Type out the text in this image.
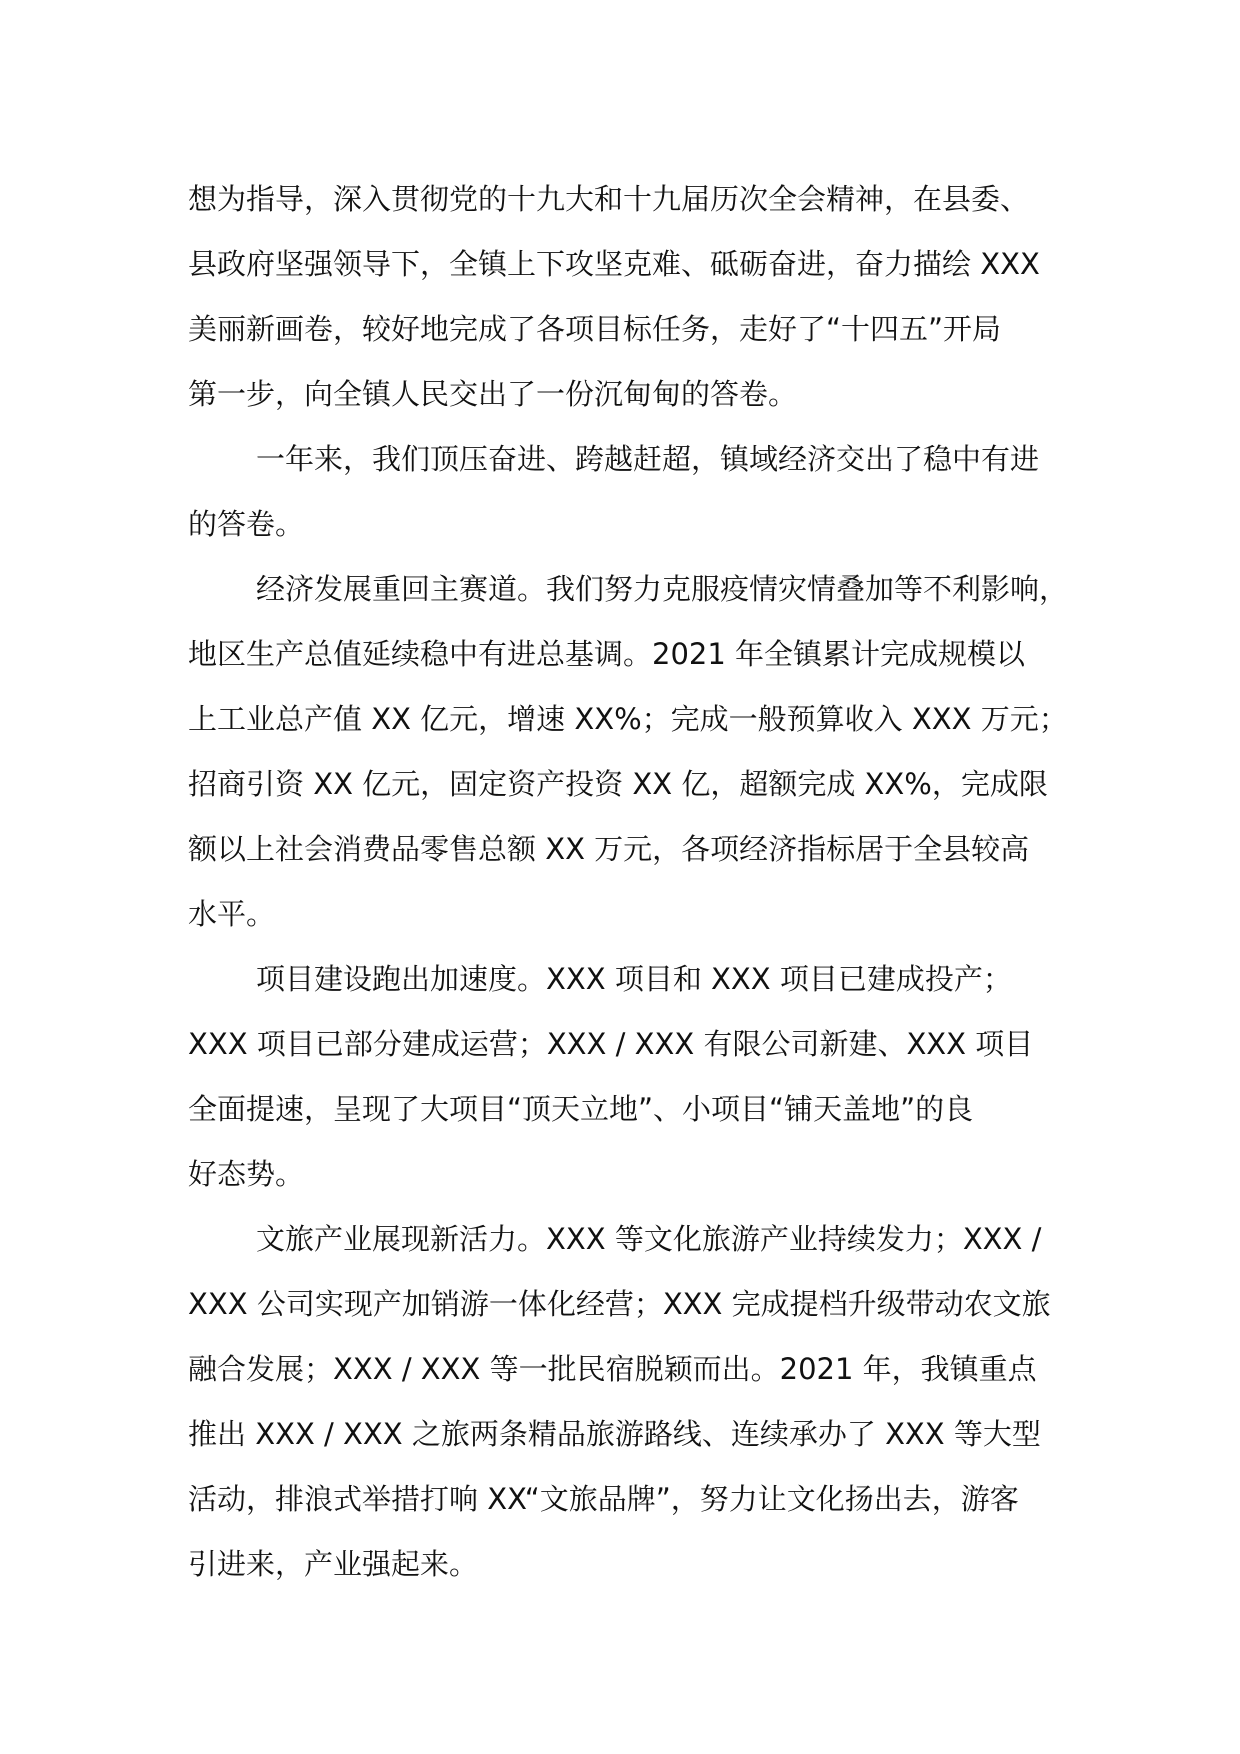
想为指导，深入贯彻党的十九大和十九届历次全会精神，在县委、
县政府坚强领导下，全镇上下攻坚克难、砥砺奋进，奋力描绘 XXX
美丽新画卷，较好地完成了各项目标任务，走好了“十四五”开局
第一步，向全镇人民交出了一份沉甸甸的答卷。
一年来，我们顶压奋进、跨越赶超，镇域经济交出了稳中有进
的答卷。
经济发展重回主赛道。我们努力克服疫情灾情叠加等不利影响，
地区生产总值延续稳中有进总基调。2021 年全镇累计完成规模以
上工业总产值 XX 亿元，增速 XX%；完成一般预算收入 XXX 万元；
招商引资 XX 亿元，固定资产投资 XX 亿，超额完成 XX%，完成限
额以上社会消费品零售总额 XX 万元，各项经济指标居于全县较高
水平。
项目建设跑出加速度。XXX 项目和 XXX 项目已建成投产；
XXX 项目已部分建成运营；XXX / XXX 有限公司新建、XXX 项目
全面提速，呈现了大项目“顶天立地”、小项目“铺天盖地”的良
好态势。
文旅产业展现新活力。XXX 等文化旅游产业持续发力；XXX /
XXX 公司实现产加销游一体化经营；XXX 完成提档升级带动农文旅
融合发展；XXX / XXX 等一批民宿脱颖而出。2021 年，我镇重点
推出 XXX / XXX 之旅两条精品旅游路线、连续承办了 XXX 等大型
活动，排浪式举措打响 XX“文旅品牌”，努力让文化扬出去，游客
引进来，产业强起来。
